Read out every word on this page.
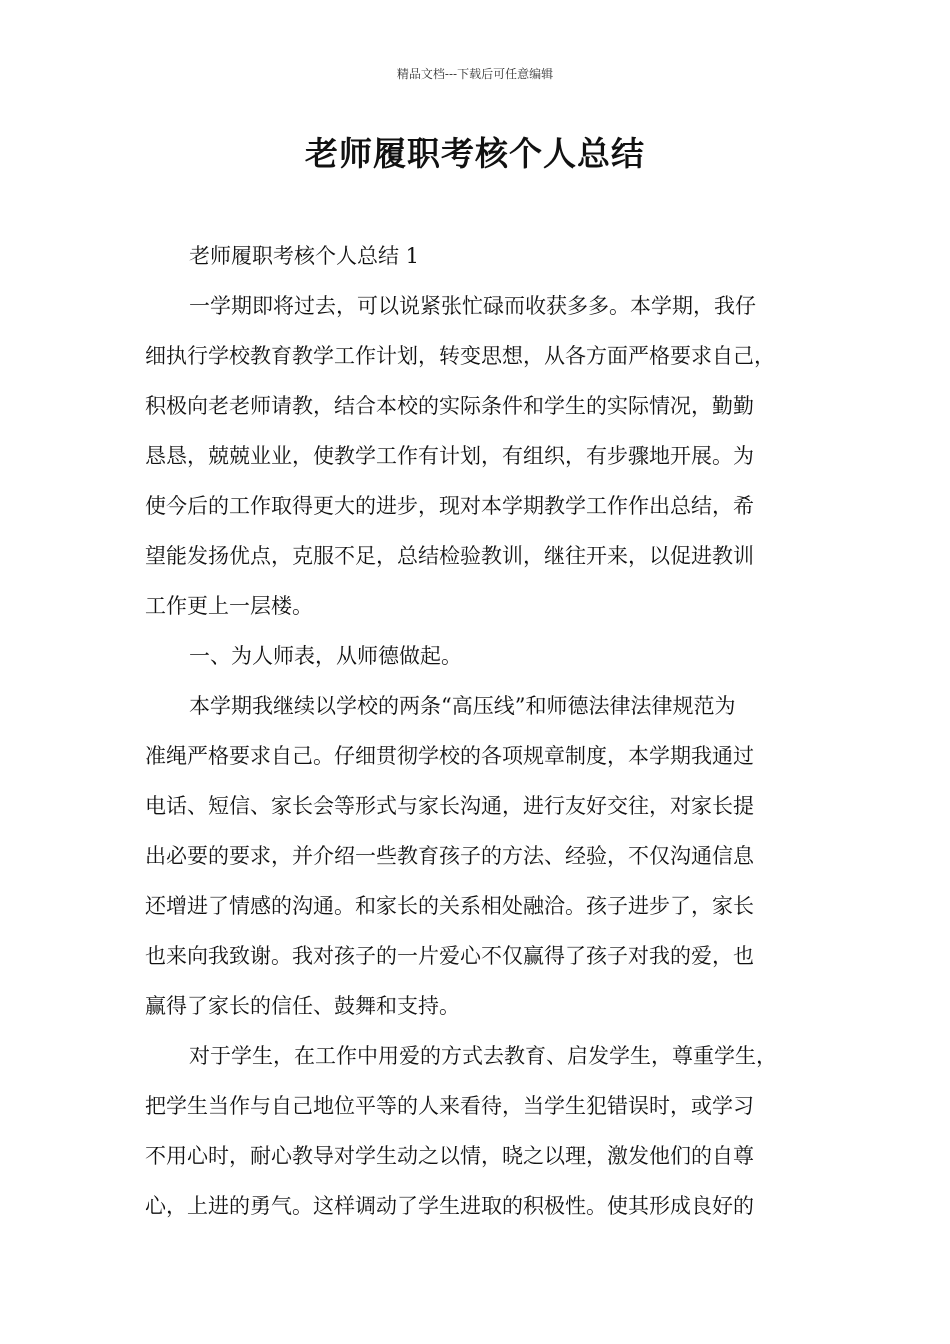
精品文档---下载后可任意编辑
老师履职考核个人总结

老师履职考核个人总结 1

一学期即将过去，可以说紧张忙碌而收获多多。本学期，我仔
细执行学校教育教学工作计划，转变思想，从各方面严格要求自己，
积极向老老师请教，结合本校的实际条件和学生的实际情况，勤勤
恳恳，兢兢业业，使教学工作有计划，有组织，有步骤地开展。为
使今后的工作取得更大的进步，现对本学期教学工作作出总结，希
望能发扬优点，克服不足，总结检验教训，继往开来，以促进教训
工作更上一层楼。

一、为人师表，从师德做起。

本学期我继续以学校的两条“高压线”和师德法律法律规范为
准绳严格要求自己。仔细贯彻学校的各项规章制度，本学期我通过
电话、短信、家长会等形式与家长沟通，进行友好交往，对家长提
出必要的要求，并介绍一些教育孩子的方法、经验，不仅沟通信息
还增进了情感的沟通。和家长的关系相处融洽。孩子进步了，家长
也来向我致谢。我对孩子的一片爱心不仅赢得了孩子对我的爱，也
赢得了家长的信任、鼓舞和支持。
对于学生，在工作中用爱的方式去教育、启发学生，尊重学生，
把学生当作与自己地位平等的人来看待，当学生犯错误时，或学习
不用心时，耐心教导对学生动之以情，晓之以理，激发他们的自尊
心，上进的勇气。这样调动了学生进取的积极性。使其形成良好的
